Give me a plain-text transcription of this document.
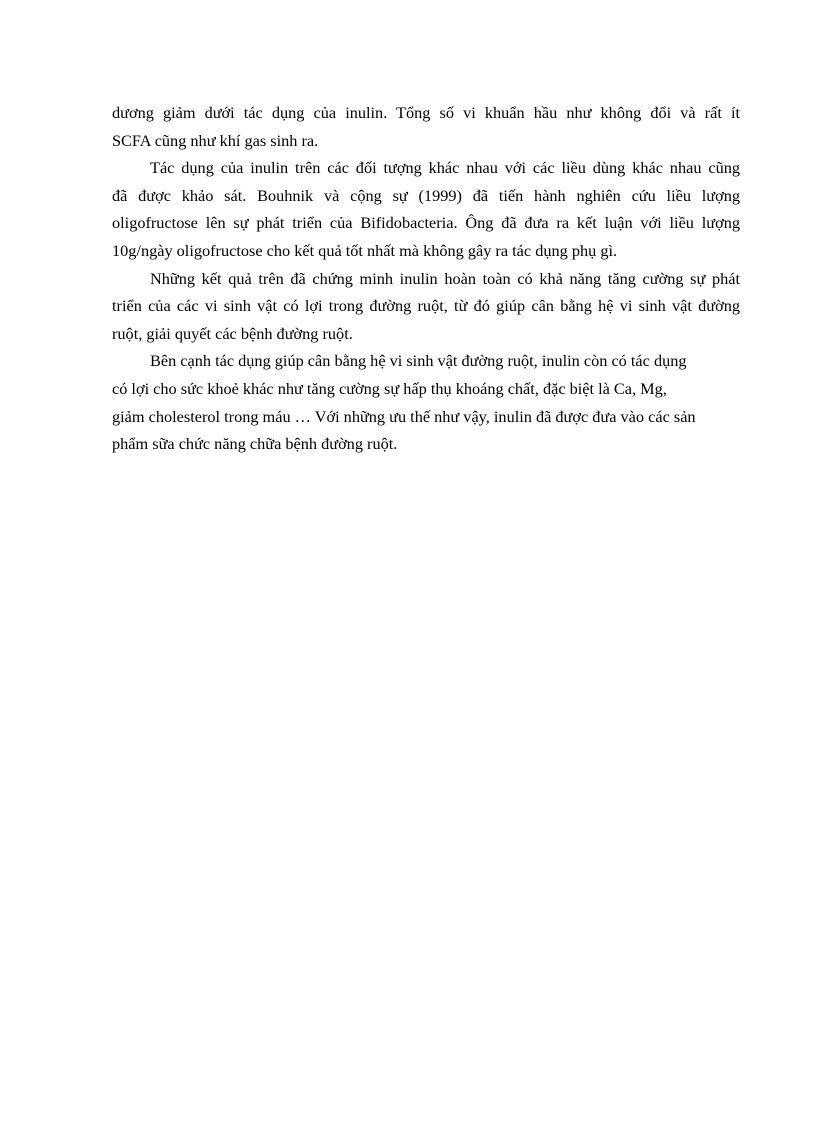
dương giảm dưới tác dụng của inulin. Tổng số vi khuẩn hầu như không đổi và rất ít
SCFA cũng như khí gas sinh ra.
Tác dụng của inulin trên các đối tượng khác nhau với các liều dùng khác nhau cũng
đã được khảo sát. Bouhnik và cộng sự (1999) đã tiến hành nghiên cứu liều lượng
oligofructose lên sự phát triển của Bifidobacteria. Ông đã đưa ra kết luận với liều lượng
10g/ngày oligofructose cho kết quả tốt nhất mà không gây ra tác dụng phụ gì.
Những kết quả trên đã chứng minh inulin hoàn toàn có khả năng tăng cường sự phát
triển của các vi sinh vật có lợi trong đường ruột, từ đó giúp cân bằng hệ vi sinh vật đường
ruột, giải quyết các bệnh đường ruột.
Bên cạnh tác dụng giúp cân bằng hệ vi sinh vật đường ruột, inulin còn có tác dụng
có lợi cho sức khoẻ khác như tăng cường sự hấp thụ khoáng chất, đặc biệt là Ca, Mg,
giảm cholesterol trong máu … Với những ưu thế như vậy, inulin đã được đưa vào các sản
phẩm sữa chức năng chữa bệnh đường ruột.
